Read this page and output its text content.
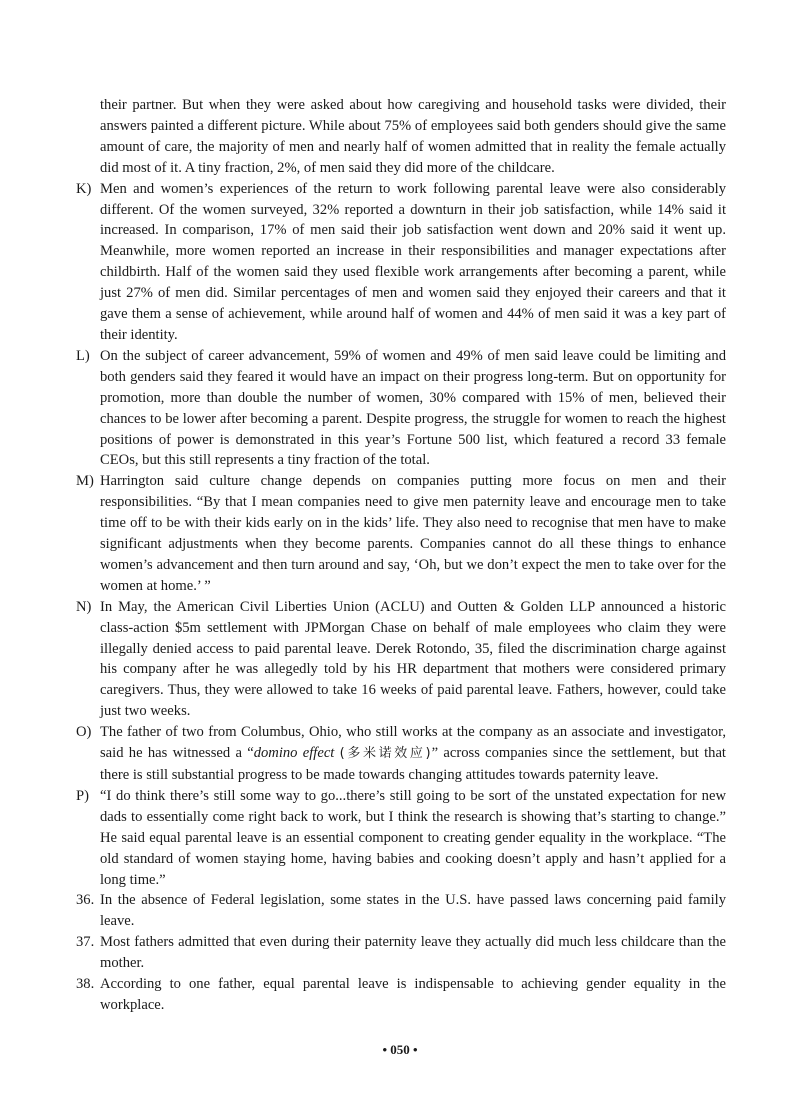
their partner. But when they were asked about how caregiving and household tasks were divided, their answers painted a different picture. While about 75% of employees said both genders should give the same amount of care, the majority of men and nearly half of women admitted that in reality the female actually did most of it. A tiny fraction, 2%, of men said they did more of the childcare.

K) Men and women’s experiences of the return to work following parental leave were also considerably different. Of the women surveyed, 32% reported a downturn in their job satisfaction, while 14% said it increased. In comparison, 17% of men said their job satisfaction went down and 20% said it went up. Meanwhile, more women reported an increase in their responsibilities and manager expectations after childbirth. Half of the women said they used flexible work arrangements after becoming a parent, while just 27% of men did. Similar percentages of men and women said they enjoyed their careers and that it gave them a sense of achievement, while around half of women and 44% of men said it was a key part of their identity.

L) On the subject of career advancement, 59% of women and 49% of men said leave could be limiting and both genders said they feared it would have an impact on their progress long-term. But on opportunity for promotion, more than double the number of women, 30% compared with 15% of men, believed their chances to be lower after becoming a parent. Despite progress, the struggle for women to reach the highest positions of power is demonstrated in this year’s Fortune 500 list, which featured a record 33 female CEOs, but this still represents a tiny fraction of the total.

M) Harrington said culture change depends on companies putting more focus on men and their responsibilities. “By that I mean companies need to give men paternity leave and encourage men to take time off to be with their kids early on in the kids’ life. They also need to recognise that men have to make significant adjustments when they become parents. Companies cannot do all these things to enhance women’s advancement and then turn around and say, ‘Oh, but we don’t expect the men to take over for the women at home.’ ”

N) In May, the American Civil Liberties Union (ACLU) and Outten & Golden LLP announced a historic class-action $5m settlement with JPMorgan Chase on behalf of male employees who claim they were illegally denied access to paid parental leave. Derek Rotondo, 35, filed the discrimination charge against his company after he was allegedly told by his HR department that mothers were considered primary caregivers. Thus, they were allowed to take 16 weeks of paid parental leave. Fathers, however, could take just two weeks.

O) The father of two from Columbus, Ohio, who still works at the company as an associate and investigator, said he has witnessed a “domino effect (多米诺效应)” across companies since the settlement, but that there is still substantial progress to be made towards changing attitudes towards paternity leave.

P) “I do think there’s still some way to go...there’s still going to be sort of the unstated expectation for new dads to essentially come right back to work, but I think the research is showing that’s starting to change.” He said equal parental leave is an essential component to creating gender equality in the workplace. “The old standard of women staying home, having babies and cooking doesn’t apply and hasn’t applied for a long time.”

36. In the absence of Federal legislation, some states in the U.S. have passed laws concerning paid family leave.

37. Most fathers admitted that even during their paternity leave they actually did much less childcare than the mother.

38. According to one father, equal parental leave is indispensable to achieving gender equality in the workplace.

• 050 •
